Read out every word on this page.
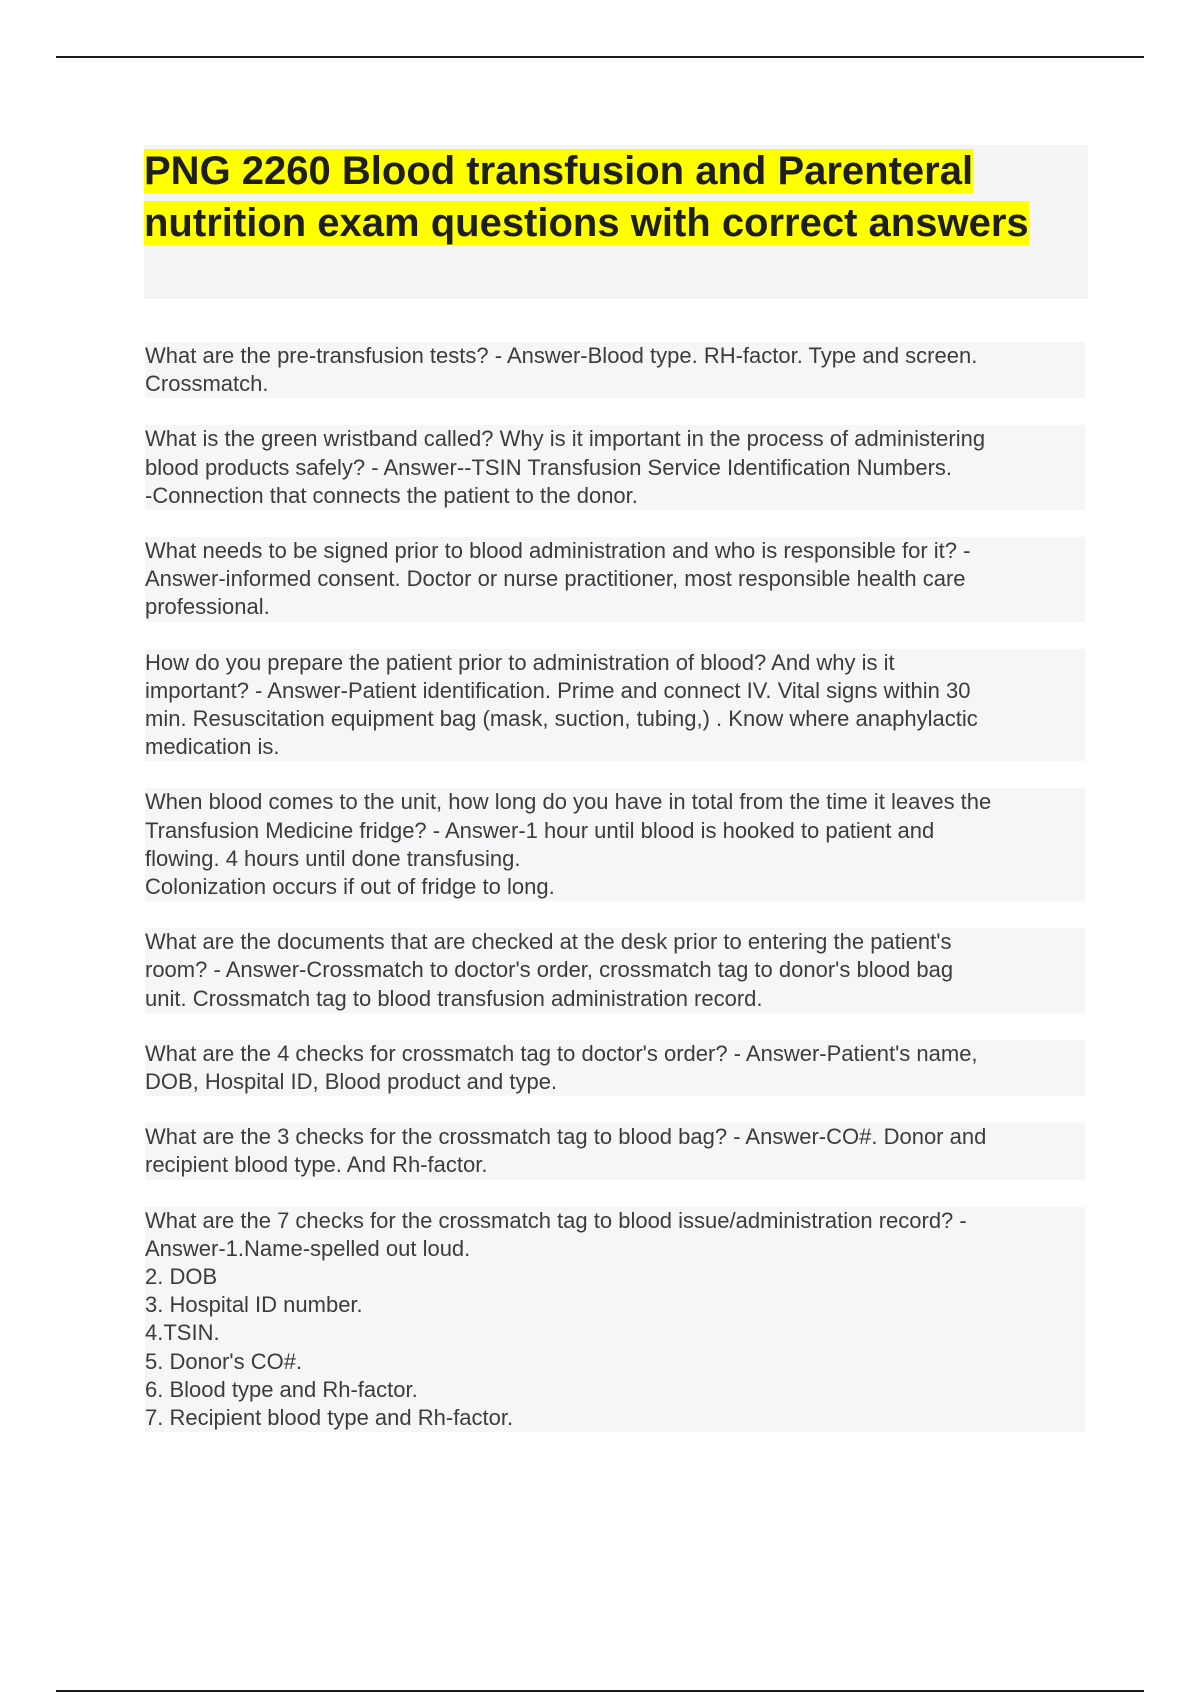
PNG 2260 Blood transfusion and Parenteral nutrition exam questions with correct answers
What are the pre-transfusion tests? - Answer-Blood type. RH-factor. Type and screen.
Crossmatch.
What is the green wristband called? Why is it important in the process of administering
blood products safely? - Answer--TSIN Transfusion Service Identification Numbers.
-Connection that connects the patient to the donor.
What needs to be signed prior to blood administration and who is responsible for it? -
Answer-informed consent. Doctor or nurse practitioner, most responsible health care
professional.
How do you prepare the patient prior to administration of blood? And why is it
important? - Answer-Patient identification. Prime and connect IV. Vital signs within 30
min. Resuscitation equipment bag (mask, suction, tubing,) . Know where anaphylactic
medication is.
When blood comes to the unit, how long do you have in total from the time it leaves the
Transfusion Medicine fridge? - Answer-1 hour until blood is hooked to patient and
flowing. 4 hours until done transfusing.
Colonization occurs if out of fridge to long.
What are the documents that are checked at the desk prior to entering the patient's
room? - Answer-Crossmatch to doctor's order, crossmatch tag to donor's blood bag
unit. Crossmatch tag to blood transfusion administration record.
What are the 4 checks for crossmatch tag to doctor's order? - Answer-Patient's name,
DOB, Hospital ID, Blood product and type.
What are the 3 checks for the crossmatch tag to blood bag? - Answer-CO#. Donor and
recipient blood type. And Rh-factor.
What are the 7 checks for the crossmatch tag to blood issue/administration record? -
Answer-1.Name-spelled out loud.
2. DOB
3. Hospital ID number.
4.TSIN.
5. Donor's CO#.
6. Blood type and Rh-factor.
7. Recipient blood type and Rh-factor.
